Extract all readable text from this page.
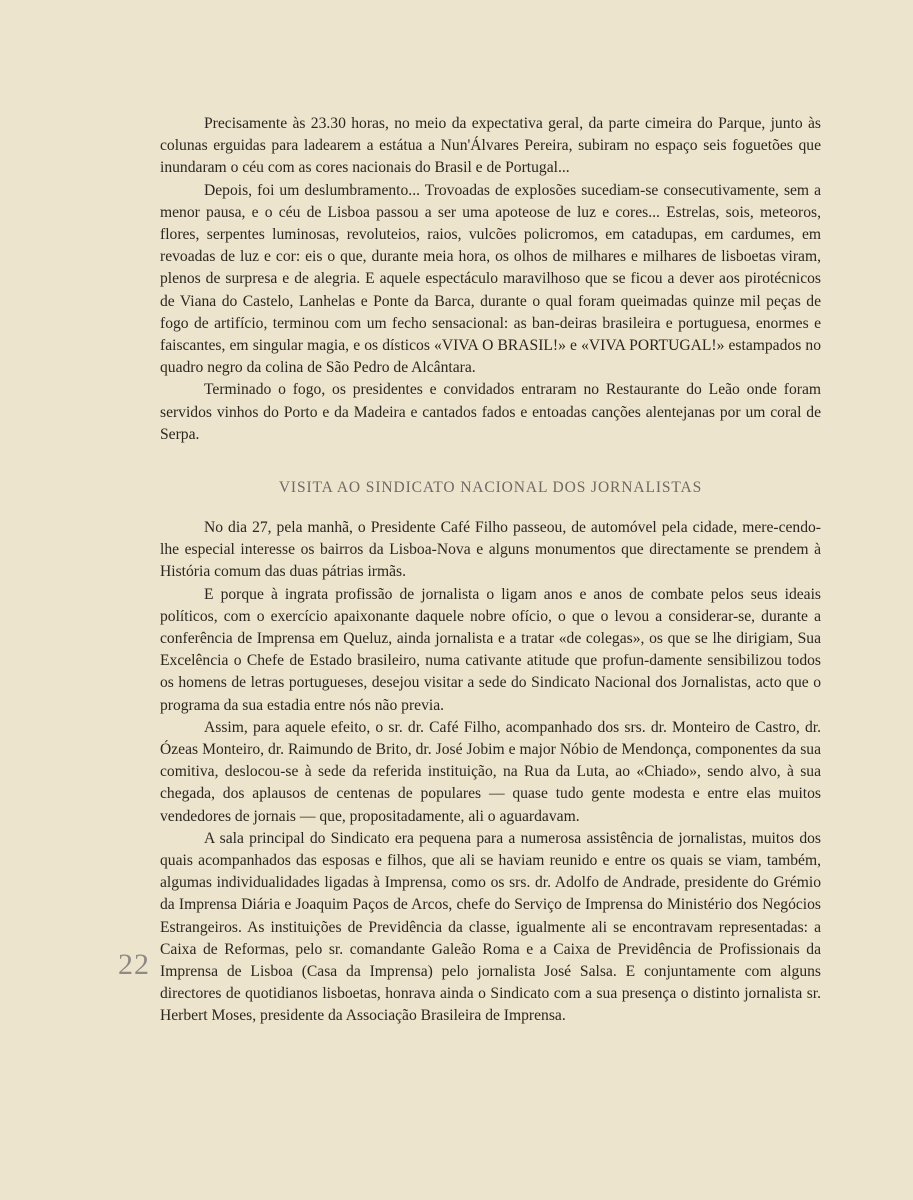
Precisamente às 23.30 horas, no meio da expectativa geral, da parte cimeira do Parque, junto às colunas erguidas para ladearem a estátua a Nun'Álvares Pereira, subiram no espaço seis foguetões que inundaram o céu com as cores nacionais do Brasil e de Portugal...

Depois, foi um deslumbramento... Trovoadas de explosões sucediam-se consecutivamente, sem a menor pausa, e o céu de Lisboa passou a ser uma apoteose de luz e cores... Estrelas, sois, meteoros, flores, serpentes luminosas, revoluteios, raios, vulcões policromos, em catadupas, em cardumes, em revoadas de luz e cor: eis o que, durante meia hora, os olhos de milhares e milhares de lisboetas viram, plenos de surpresa e de alegria. E aquele espectáculo maravilhoso que se ficou a dever aos pirotécnicos de Viana do Castelo, Lanhelas e Ponte da Barca, durante o qual foram queimadas quinze mil peças de fogo de artifício, terminou com um fecho sensacional: as ban-deiras brasileira e portuguesa, enormes e faiscantes, em singular magia, e os dísticos «VIVA O BRASIL!» e «VIVA PORTUGAL!» estampados no quadro negro da colina de São Pedro de Alcântara.

Terminado o fogo, os presidentes e convidados entraram no Restaurante do Leão onde foram servidos vinhos do Porto e da Madeira e cantados fados e entoadas canções alentejanas por um coral de Serpa.

VISITA AO SINDICATO NACIONAL DOS JORNALISTAS

No dia 27, pela manhã, o Presidente Café Filho passeou, de automóvel pela cidade, mere-cendo-lhe especial interesse os bairros da Lisboa-Nova e alguns monumentos que directamente se prendem à História comum das duas pátrias irmãs.

E porque à ingrata profissão de jornalista o ligam anos e anos de combate pelos seus ideais políticos, com o exercício apaixonante daquele nobre ofício, o que o levou a considerar-se, durante a conferência de Imprensa em Queluz, ainda jornalista e a tratar «de colegas», os que se lhe dirigiam, Sua Excelência o Chefe de Estado brasileiro, numa cativante atitude que profun-damente sensibilizou todos os homens de letras portugueses, desejou visitar a sede do Sindicato Nacional dos Jornalistas, acto que o programa da sua estadia entre nós não previa.

Assim, para aquele efeito, o sr. dr. Café Filho, acompanhado dos srs. dr. Monteiro de Castro, dr. Ózeas Monteiro, dr. Raimundo de Brito, dr. José Jobim e major Nóbio de Mendonça, componentes da sua comitiva, deslocou-se à sede da referida instituição, na Rua da Luta, ao «Chiado», sendo alvo, à sua chegada, dos aplausos de centenas de populares — quase tudo gente modesta e entre elas muitos vendedores de jornais — que, propositadamente, ali o aguardavam.

A sala principal do Sindicato era pequena para a numerosa assistência de jornalistas, muitos dos quais acompanhados das esposas e filhos, que ali se haviam reunido e entre os quais se viam, também, algumas individualidades ligadas à Imprensa, como os srs. dr. Adolfo de Andrade, presidente do Grémio da Imprensa Diária e Joaquim Paços de Arcos, chefe do Serviço de Imprensa do Ministério dos Negócios Estrangeiros. As instituições de Previdência da classe, igualmente ali se encontravam representadas: a Caixa de Reformas, pelo sr. comandante Galeão Roma e a Caixa de Previdência de Profissionais da Imprensa de Lisboa (Casa da Imprensa) pelo jornalista José Salsa. E conjuntamente com alguns directores de quotidianos lisboetas, honrava ainda o Sindicato com a sua presença o distinto jornalista sr. Herbert Moses, presidente da Associação Brasileira de Imprensa.

22
